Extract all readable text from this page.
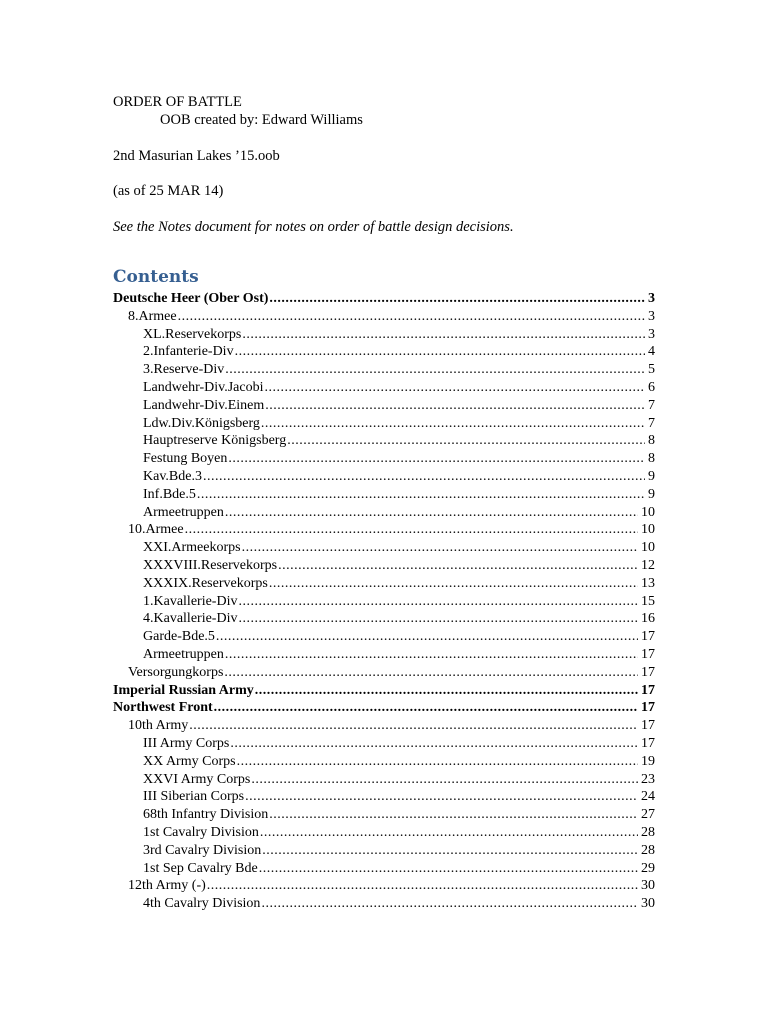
ORDER OF BATTLE
OOB created by: Edward Williams
2nd Masurian Lakes ’15.oob
(as of 25 MAR 14)
See the Notes document for notes on order of battle design decisions.
Contents
Deutsche Heer (Ober Ost) .....	3
8.Armee .....	3
XL.Reservekorps .....	3
2.Infanterie-Div .....	4
3.Reserve-Div .....	5
Landwehr-Div.Jacobi .....	6
Landwehr-Div.Einem .....	7
Ldw.Div.Königsberg .....	7
Hauptreserve Königsberg .....	8
Festung Boyen .....	8
Kav.Bde.3 .....	9
Inf.Bde.5 .....	9
Armeetruppen .....	10
10.Armee .....	10
XXI.Armeekorps .....	10
XXXVIII.Reservekorps .....	12
XXXIX.Reservekorps .....	13
1.Kavallerie-Div .....	15
4.Kavallerie-Div .....	16
Garde-Bde.5 .....	17
Armeetruppen .....	17
Versorgungkorps .....	17
Imperial Russian Army .....	17
Northwest Front .....	17
10th Army .....	17
III Army Corps .....	17
XX Army Corps .....	19
XXVI Army Corps .....	23
III Siberian Corps .....	24
68th Infantry Division .....	27
1st Cavalry Division .....	28
3rd Cavalry Division .....	28
1st Sep Cavalry Bde .....	29
12th Army (-) .....	30
4th Cavalry Division .....	30
